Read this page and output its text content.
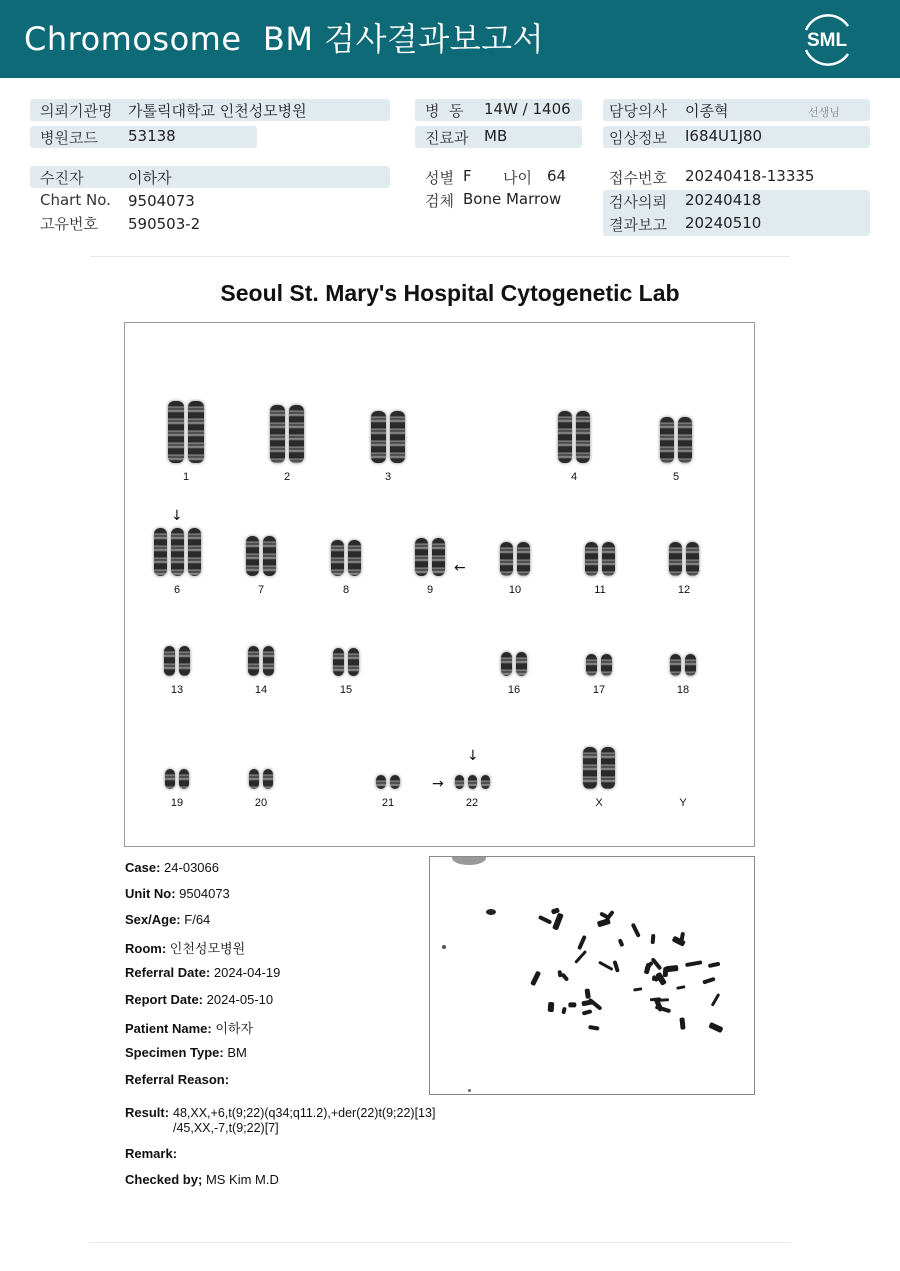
Chromosome  BM 검사결과보고서	SML
의뢰기관명 가톨릭대학교 인천성모병원
병원코드 53138
병  동 14W / 1406
진료과 MB
담당의사 이종혁	선생님
임상정보 I684U1J80
수진자	이하자
Chart No. 9504073
고유번호 590503-2
성별 F 나이 64
검체 Bone Marrow
접수번호 20240418-13335
검사의뢰 20240418
결과보고 20240510
Seoul St. Mary's Hospital Cytogenetic Lab
↓
←
↓
→
1	2	3	4	5
6	7	8	9	10	11	12
13	14	15	16	17	18
19	20	21	22	X	Y
Case: 24-03066
Unit No: 9504073
Sex/Age: F/64
Room: 인천성모병원
Referral Date: 2024-04-19
Report Date: 2024-05-10
Patient Name: 이하자
Specimen Type: BM
Referral Reason:
Result: 48,XX,+6,t(9;22)(q34;q11.2),+der(22)t(9;22)[13]
/45,XX,-7,t(9;22)[7]
Remark:
Checked by; MS Kim M.D
